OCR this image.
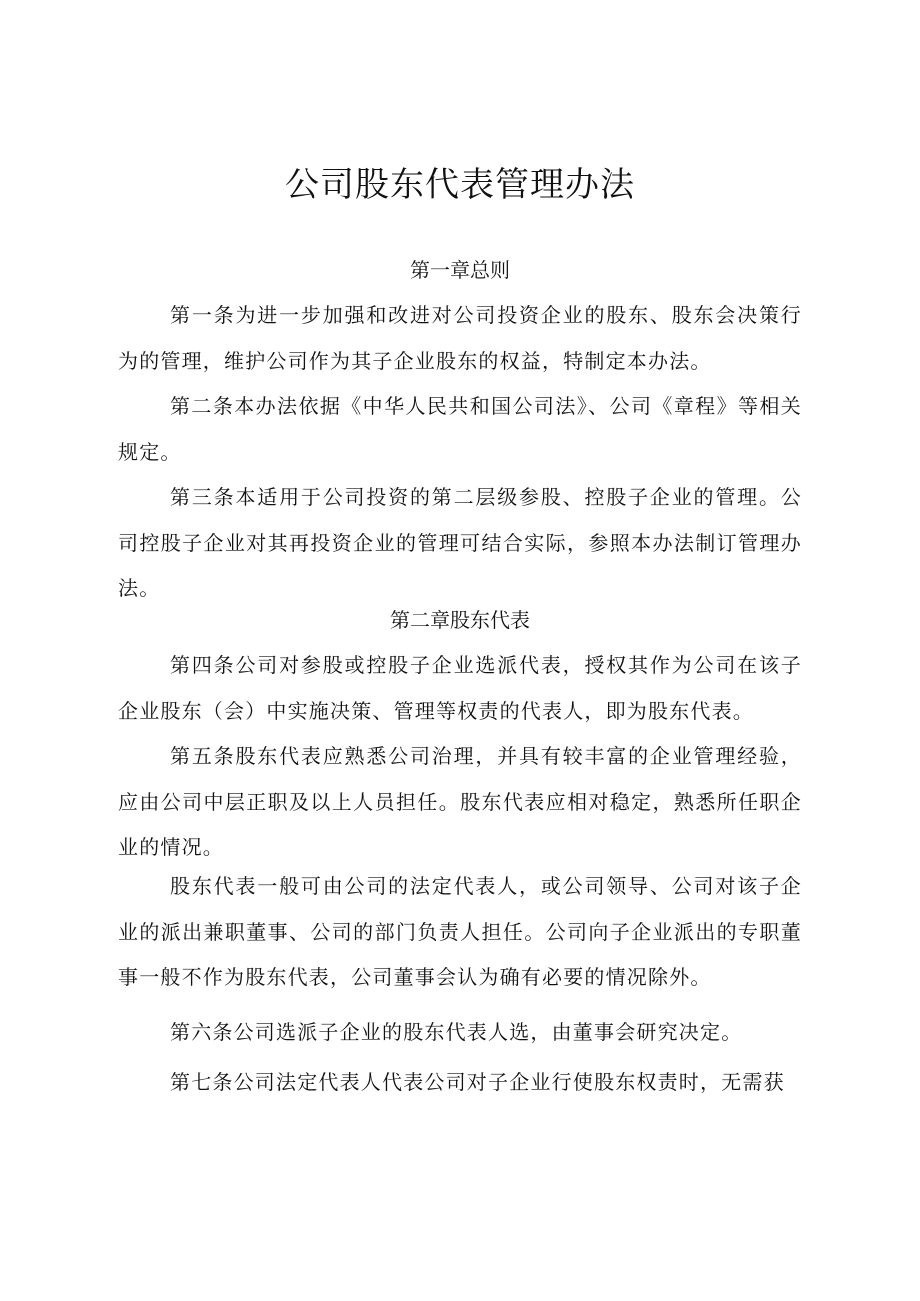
公司股东代表管理办法
第一章总则
第一条为进一步加强和改进对公司投资企业的股东、股东会决策行为的管理，维护公司作为其子企业股东的权益，特制定本办法。
第二条本办法依据《中华人民共和国公司法》、公司《章程》等相关规定。
第三条本适用于公司投资的第二层级参股、控股子企业的管理。公司控股子企业对其再投资企业的管理可结合实际，参照本办法制订管理办法。
第二章股东代表
第四条公司对参股或控股子企业选派代表，授权其作为公司在该子企业股东（会）中实施决策、管理等权责的代表人，即为股东代表。
第五条股东代表应熟悉公司治理，并具有较丰富的企业管理经验，应由公司中层正职及以上人员担任。股东代表应相对稳定，熟悉所任职企业的情况。
股东代表一般可由公司的法定代表人，或公司领导、公司对该子企业的派出兼职董事、公司的部门负责人担任。公司向子企业派出的专职董事一般不作为股东代表，公司董事会认为确有必要的情况除外。
第六条公司选派子企业的股东代表人选，由董事会研究决定。
第七条公司法定代表人代表公司对子企业行使股东权责时，无需获
